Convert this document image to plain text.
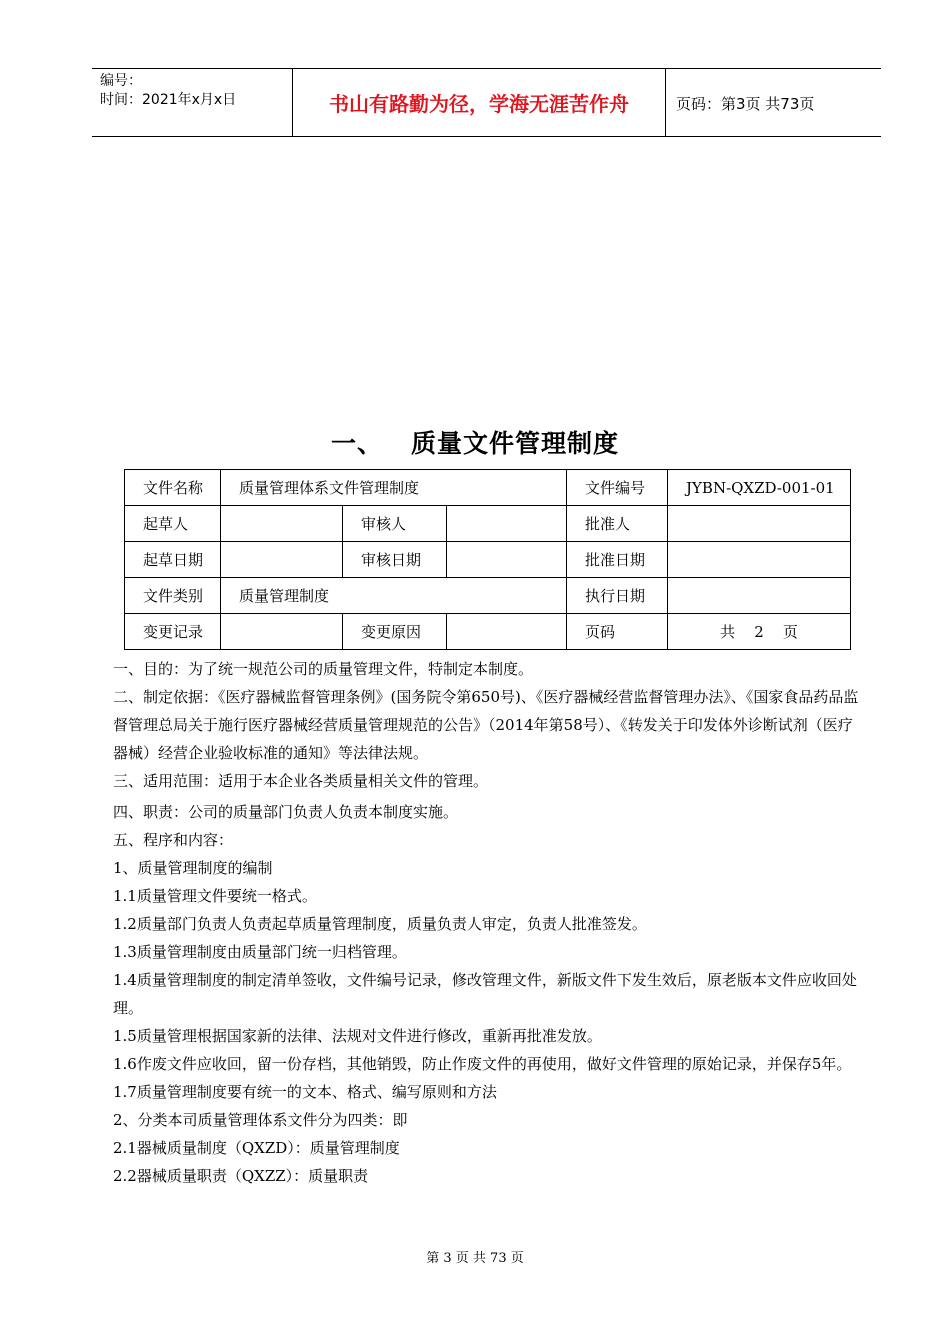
编号：
时间：2021年x月x日	书山有路勤为径，学海无涯苦作舟	页码：第3页 共73页
一、 质量文件管理制度
文件名称	质量管理体系文件管理制度			文件编号	JYBN-QXZD-001-01
起草人		审核人		批准人	
起草日期		审核日期		批准日期	
文件类别	质量管理制度			执行日期	
变更记录		变更原因		页码	共    2    页

一、目的：为了统一规范公司的质量管理文件，特制定本制度。

二、制定依据：《医疗器械监督管理条例》(国务院令第650号)、《医疗器械经营监督管理办法》、《国家食品药品监督管理总局关于施行医疗器械经营质量管理规范的公告》（2014年第58号）、《转发关于印发体外诊断试剂（医疗器械）经营企业验收标准的通知》等法律法规。

三、适用范围：适用于本企业各类质量相关文件的管理。

四、职责：公司的质量部门负责人负责本制度实施。

五、程序和内容：

1、质量管理制度的编制

1.1质量管理文件要统一格式。

1.2质量部门负责人负责起草质量管理制度，质量负责人审定，负责人批准签发。

1.3质量管理制度由质量部门统一归档管理。

1.4质量管理制度的制定清单签收，文件编号记录，修改管理文件，新版文件下发生效后，原老版本文件应收回处理。

1.5质量管理根据国家新的法律、法规对文件进行修改，重新再批准发放。

1.6作废文件应收回，留一份存档，其他销毁，防止作废文件的再使用，做好文件管理的原始记录，并保存5年。

1.7质量管理制度要有统一的文本、格式、编写原则和方法

2、分类本司质量管理体系文件分为四类：即

2.1器械质量制度（QXZD）：质量管理制度

2.2器械质量职责（QXZZ）：质量职责

第 3 页 共 73 页
